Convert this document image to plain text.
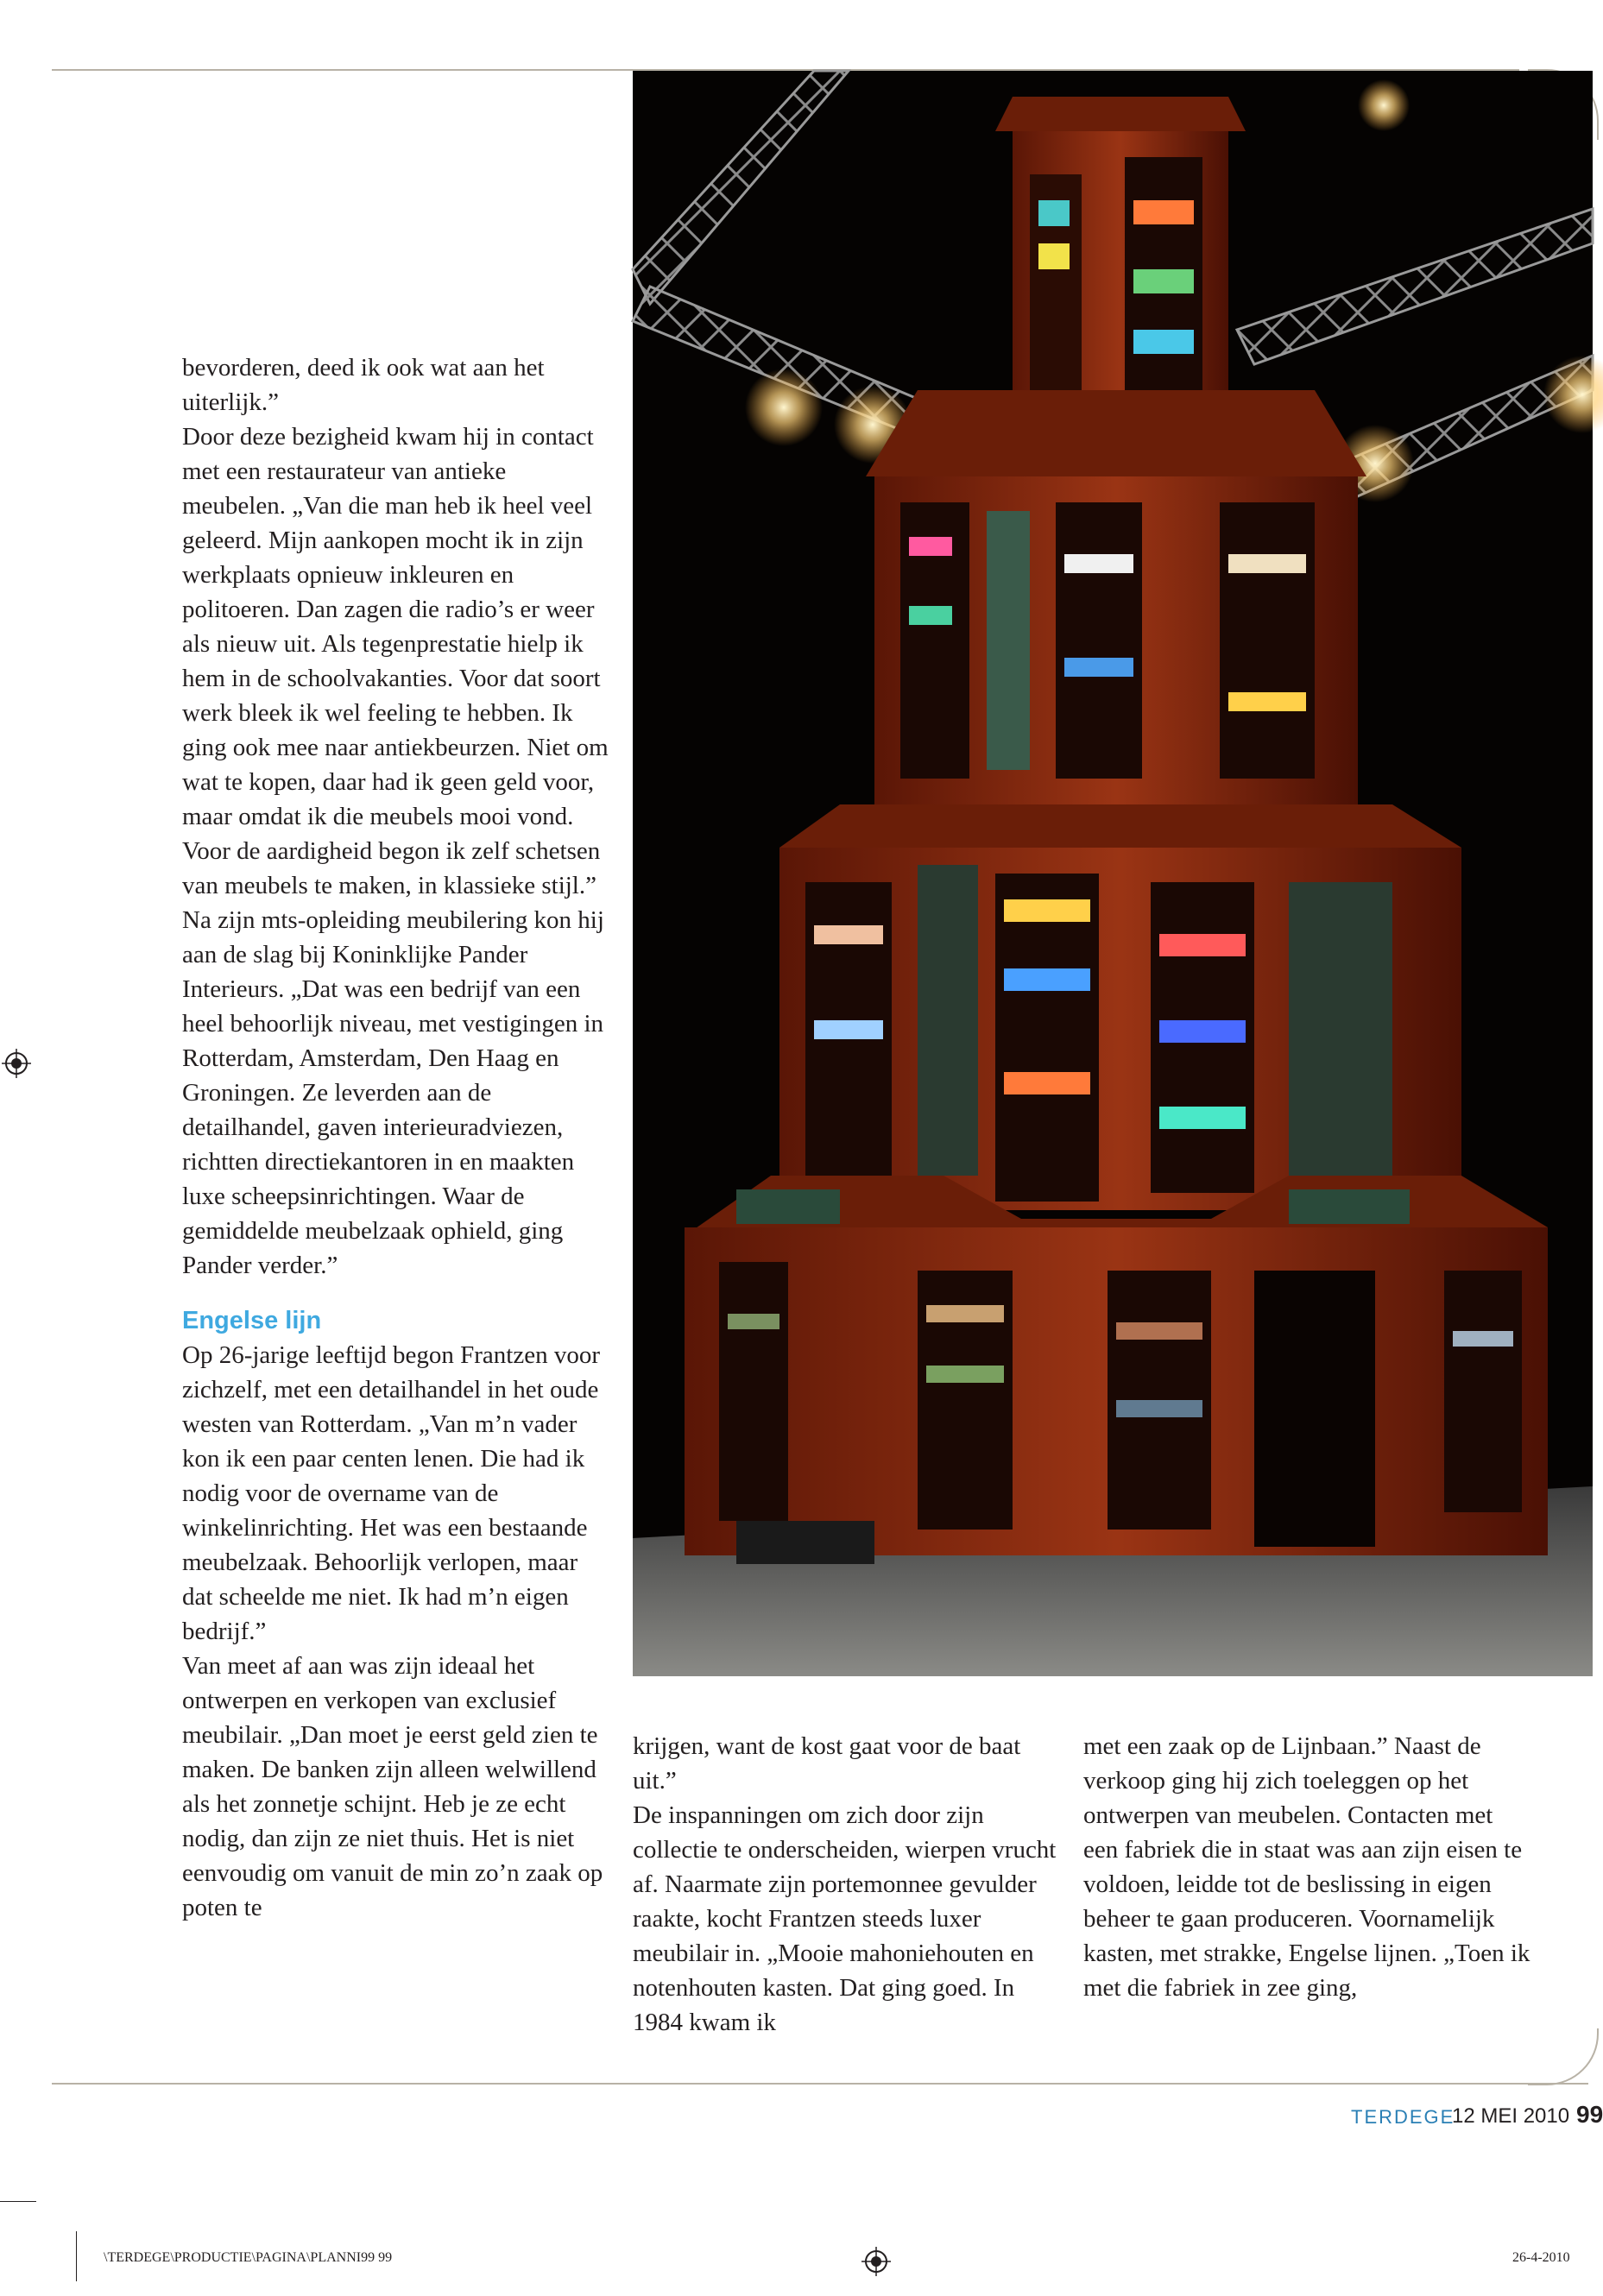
bevorderen, deed ik ook wat aan het uiterlijk.”

Door deze bezigheid kwam hij in contact met een restaurateur van antieke meubelen. „Van die man heb ik heel veel geleerd. Mijn aankopen mocht ik in zijn werkplaats opnieuw inkleuren en politoeren. Dan zagen die radio’s er weer als nieuw uit. Als tegenprestatie hielp ik hem in de schoolvakanties. Voor dat soort werk bleek ik wel feeling te hebben. Ik ging ook mee naar antiekbeurzen. Niet om wat te kopen, daar had ik geen geld voor, maar omdat ik die meubels mooi vond. Voor de aardigheid begon ik zelf schetsen van meubels te maken, in klassieke stijl.”

Na zijn mts-opleiding meubilering kon hij aan de slag bij Koninklijke Pander Interieurs. „Dat was een bedrijf van een heel behoorlijk niveau, met vestigingen in Rotterdam, Amsterdam, Den Haag en Groningen. Ze leverden aan de detailhandel, gaven interieuradviezen, richtten directiekantoren in en maakten luxe scheepsinrichtingen. Waar de gemiddelde meubelzaak ophield, ging Pander verder.”

Engelse lijn

Op 26-jarige leeftijd begon Frantzen voor zichzelf, met een detailhandel in het oude westen van Rotterdam. „Van m’n vader kon ik een paar centen lenen. Die had ik nodig voor de overname van de winkelinrichting. Het was een bestaande meubelzaak. Behoorlijk verlopen, maar dat scheelde me niet. Ik had m’n eigen bedrijf.”

Van meet af aan was zijn ideaal het ontwerpen en verkopen van exclusief meubilair. „Dan moet je eerst geld zien te maken. De banken zijn alleen welwillend als het zonnetje schijnt. Heb je ze echt nodig, dan zijn ze niet thuis. Het is niet eenvoudig om vanuit de min zo’n zaak op poten te

krijgen, want de kost gaat voor de baat uit.”

De inspanningen om zich door zijn collectie te onderscheiden, wierpen vrucht af. Naarmate zijn portemonnee gevulder raakte, kocht Frantzen steeds luxer meubilair in. „Mooie mahoniehouten en notenhouten kasten. Dat ging goed. In 1984 kwam ik

met een zaak op de Lijnbaan.” Naast de verkoop ging hij zich toeleggen op het ontwerpen van meubelen. Contacten met een fabriek die in staat was aan zijn eisen te voldoen, leidde tot de beslissing in eigen beheer te gaan produceren. Voornamelijk kasten, met strakke, Engelse lijnen. „Toen ik met die fabriek in zee ging,

TERDEGE
12 MEI 2010 99
\TERDEGE\PRODUCTIE\PAGINA\PLANNI99 99	26-4-2010
